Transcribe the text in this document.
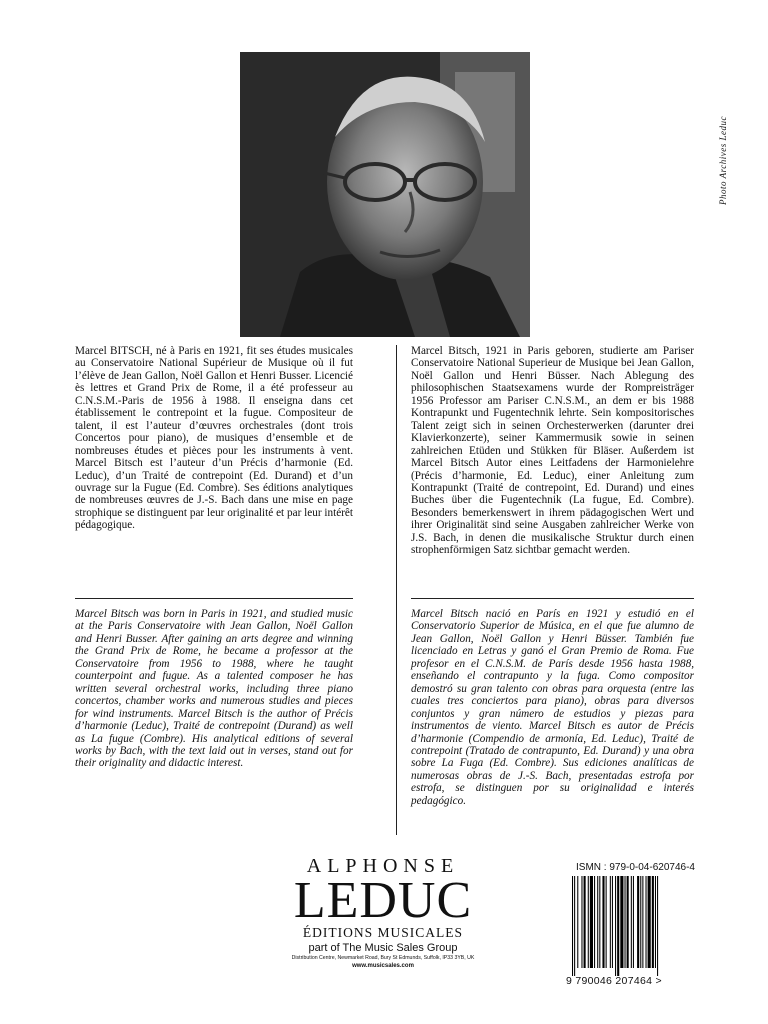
Photo Archives Leduc
Marcel BITSCH, né à Paris en 1921, fit ses études musicales au Conservatoire National Supérieur de Musique où il fut l’élève de Jean Gallon, Noël Gallon et Henri Busser. Licencié ès lettres et Grand Prix de Rome, il a été professeur au C.N.S.M.-Paris de 1956 à 1988. Il enseigna dans cet établissement le contrepoint et la fugue. Compositeur de talent, il est l’auteur d’œuvres orchestrales (dont trois Concertos pour piano), de musiques d’ensemble et de nombreuses études et pièces pour les instruments à vent. Marcel Bitsch est l’auteur d’un Précis d’harmonie (Ed. Leduc), d’un Traité de contrepoint (Ed. Durand) et d’un ouvrage sur la Fugue (Ed. Combre). Ses éditions analytiques de nombreuses œuvres de J.-S. Bach dans une mise en page strophique se distinguent par leur originalité et par leur intérêt pédagogique.
Marcel Bitsch, 1921 in Paris geboren, studierte am Pariser Conservatoire National Superieur de Musique bei Jean Gallon, Noël Gallon und Henri Büsser. Nach Ablegung des philosophischen Staatsexamens wurde der Rompreisträger 1956 Professor am Pariser C.N.S.M., an dem er bis 1988 Kontrapunkt und Fugentechnik lehrte. Sein kompositorisches Talent zeigt sich in seinen Orchesterwerken (darunter drei Klavierkonzerte), seiner Kammermusik sowie in seinen zahlreichen Etüden und Stükken für Bläser. Außerdem ist Marcel Bitsch Autor eines Leitfadens der Harmonielehre (Précis d’harmonie, Ed. Leduc), einer Anleitung zum Kontrapunkt (Traité de contrepoint, Ed. Durand) und eines Buches über die Fugentechnik (La fugue, Ed. Combre). Besonders bemerkenswert in ihrem pädagogischen Wert und ihrer Originalität sind seine Ausgaben zahlreicher Werke von J.S. Bach, in denen die musikalische Struktur durch einen strophenförmigen Satz sichtbar gemacht werden.
Marcel Bitsch was born in Paris in 1921, and studied music at the Paris Conservatoire with Jean Gallon, Noël Gallon and Henri Busser. After gaining an arts degree and winning the Grand Prix de Rome, he became a professor at the Conservatoire from 1956 to 1988, where he taught counterpoint and fugue. As a talented composer he has written several orchestral works, including three piano concertos, chamber works and numerous studies and pieces for wind instruments. Marcel Bitsch is the author of Précis d’harmonie (Leduc), Traité de contrepoint (Durand) as well as La fugue (Combre). His analytical editions of several works by Bach, with the text laid out in verses, stand out for their originality and didactic interest.
Marcel Bitsch nació en París en 1921 y estudió en el Conservatorio Superior de Música, en el que fue alumno de Jean Gallon, Noël Gallon y Henri Büsser. También fue licenciado en Letras y ganó el Gran Premio de Roma. Fue profesor en el C.N.S.M. de París desde 1956 hasta 1988, enseñando el contrapunto y la fuga. Como compositor demostró su gran talento con obras para orquesta (entre las cuales tres conciertos para piano), obras para diversos conjuntos y gran número de estudios y piezas para instrumentos de viento. Marcel Bitsch es autor de Précis d’harmonie (Compendio de armonía, Ed. Leduc), Traité de contrepoint (Tratado de contrapunto, Ed. Durand) y una obra sobre La Fuga (Ed. Combre). Sus ediciones analíticas de numerosas obras de J.-S. Bach, presentadas estrofa por estrofa, se distinguen por su originalidad e interés pedagógico.
ALPHONSE
LEDUC
ÉDITIONS MUSICALES
part of The Music Sales Group
Distribution Centre, Newmarket Road, Bury St Edmunds, Suffolk, IP33 3YB, UK
www.musicsales.com
ISMN : 979-0-04-620746-4
9 790046 207464 >
